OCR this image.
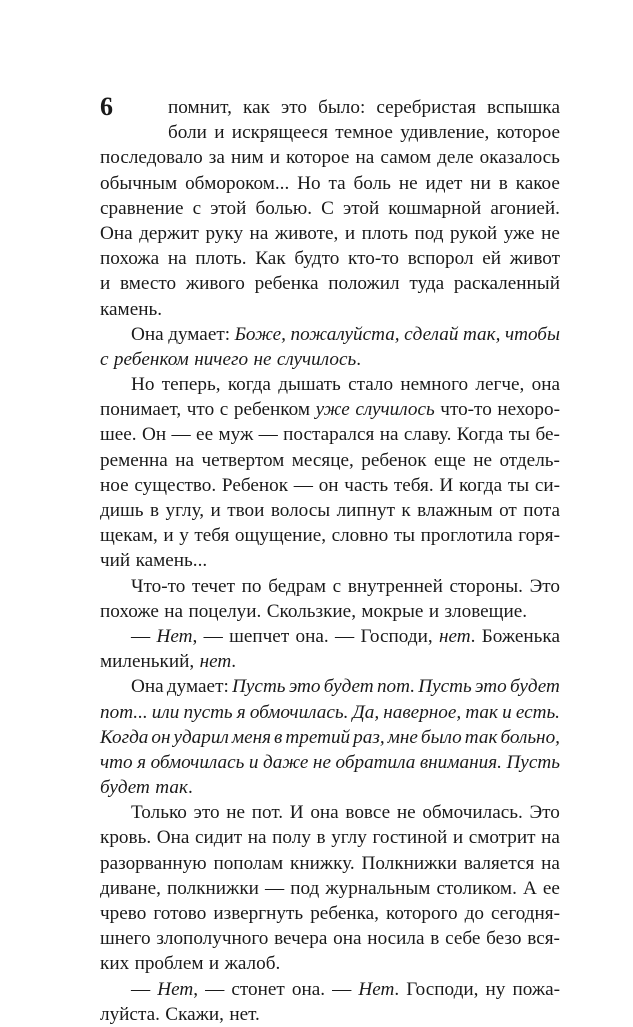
6	помнит, как это было: серебристая вспышка
боли и искрящееся темное удивление, которое
последовало за ним и которое на самом деле оказалось
обычным обмороком... Но та боль не идет ни в какое
сравнение с этой болью. С этой кошмарной агонией.
Она держит руку на животе, и плоть под рукой уже не
похожа на плоть. Как будто кто-то вспорол ей живот
и вместо живого ребенка положил туда раскаленный
камень.
Она думает: Боже, пожалуйста, сделай так, чтобы
с ребенком ничего не случилось.
Но теперь, когда дышать стало немного легче, она
понимает, что с ребенком уже случилось что-то нехоро-
шее. Он — ее муж — постарался на славу. Когда ты бе-
ременна на четвертом месяце, ребенок еще не отдель-
ное существо. Ребенок — он часть тебя. И когда ты си-
дишь в углу, и твои волосы липнут к влажным от пота
щекам, и у тебя ощущение, словно ты проглотила горя-
чий камень...
Что-то течет по бедрам с внутренней стороны. Это
похоже на поцелуи. Скользкие, мокрые и зловещие.
— Нет, — шепчет она. — Господи, нет. Боженька
миленький, нет.
Она думает: Пусть это будет пот. Пусть это будет
пот... или пусть я обмочилась. Да, наверное, так и есть.
Когда он ударил меня в третий раз, мне было так больно,
что я обмочилась и даже не обратила внимания. Пусть
будет так.
Только это не пот. И она вовсе не обмочилась. Это
кровь. Она сидит на полу в углу гостиной и смотрит на
разорванную пополам книжку. Полкнижки валяется на
диване, полкнижки — под журнальным столиком. А ее
чрево готово извергнуть ребенка, которого до сегодня-
шнего злополучного вечера она носила в себе безо вся-
ких проблем и жалоб.
— Нет, — стонет она. — Нет. Господи, ну пожа-
луйста. Скажи, нет.
